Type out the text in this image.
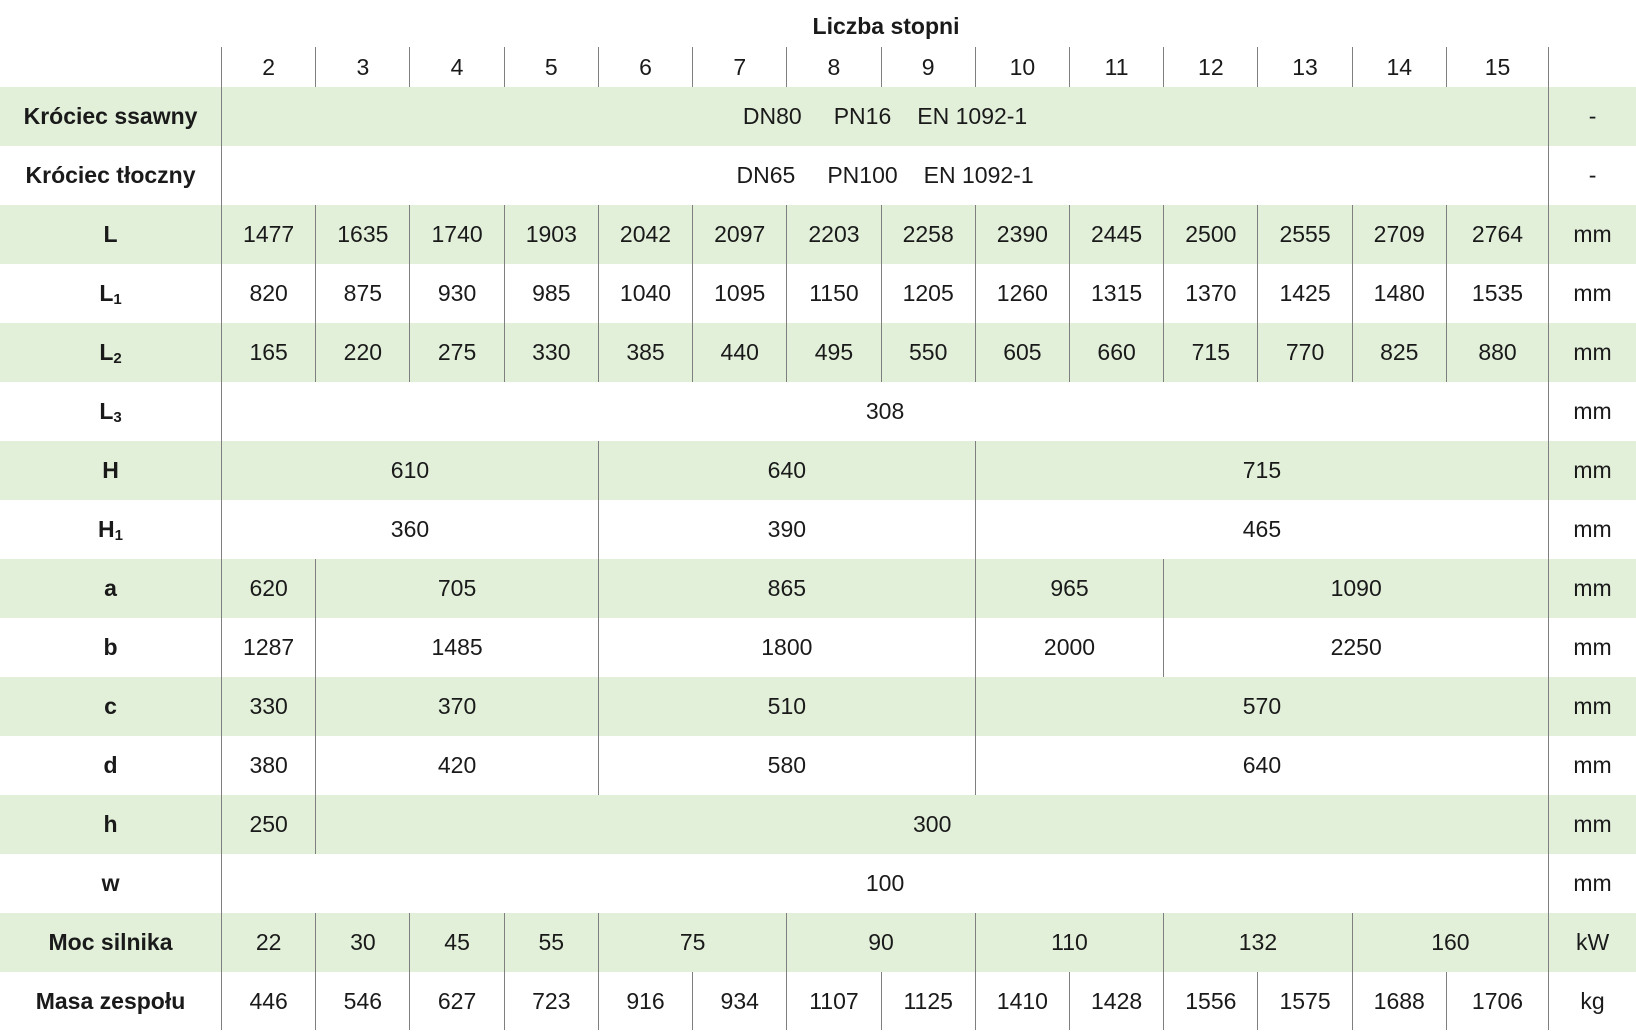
Liczba stopni
	2	3	4	5	6	7	8	9	10	11	12	13	14	15	
Króciec ssawny	DN80 PN16 EN 1092-1														-
Króciec tłoczny	DN65 PN100 EN 1092-1														-
L	1477	1635	1740	1903	2042	2097	2203	2258	2390	2445	2500	2555	2709	2764	mm
$L_1$	820	875	930	985	1040	1095	1150	1205	1260	1315	1370	1425	1480	1535	mm
$L_2$	165	220	275	330	385	440	495	550	605	660	715	770	825	880	mm
$L_3$	308														mm
H	610				640				715						mm
$H_1$	360				390				465						mm
a	620	705			865				965		1090				mm
b	1287	1485			1800				2000		2250				mm
c	330	370			510				570						mm
d	380	420			580				640						mm
h	250	300													mm
w	100														mm
Moc silnika	22	30	45	55	75		90		110		132		160		kW
Masa zespołu	446	546	627	723	916	934	1107	1125	1410	1428	1556	1575	1688	1706	kg
